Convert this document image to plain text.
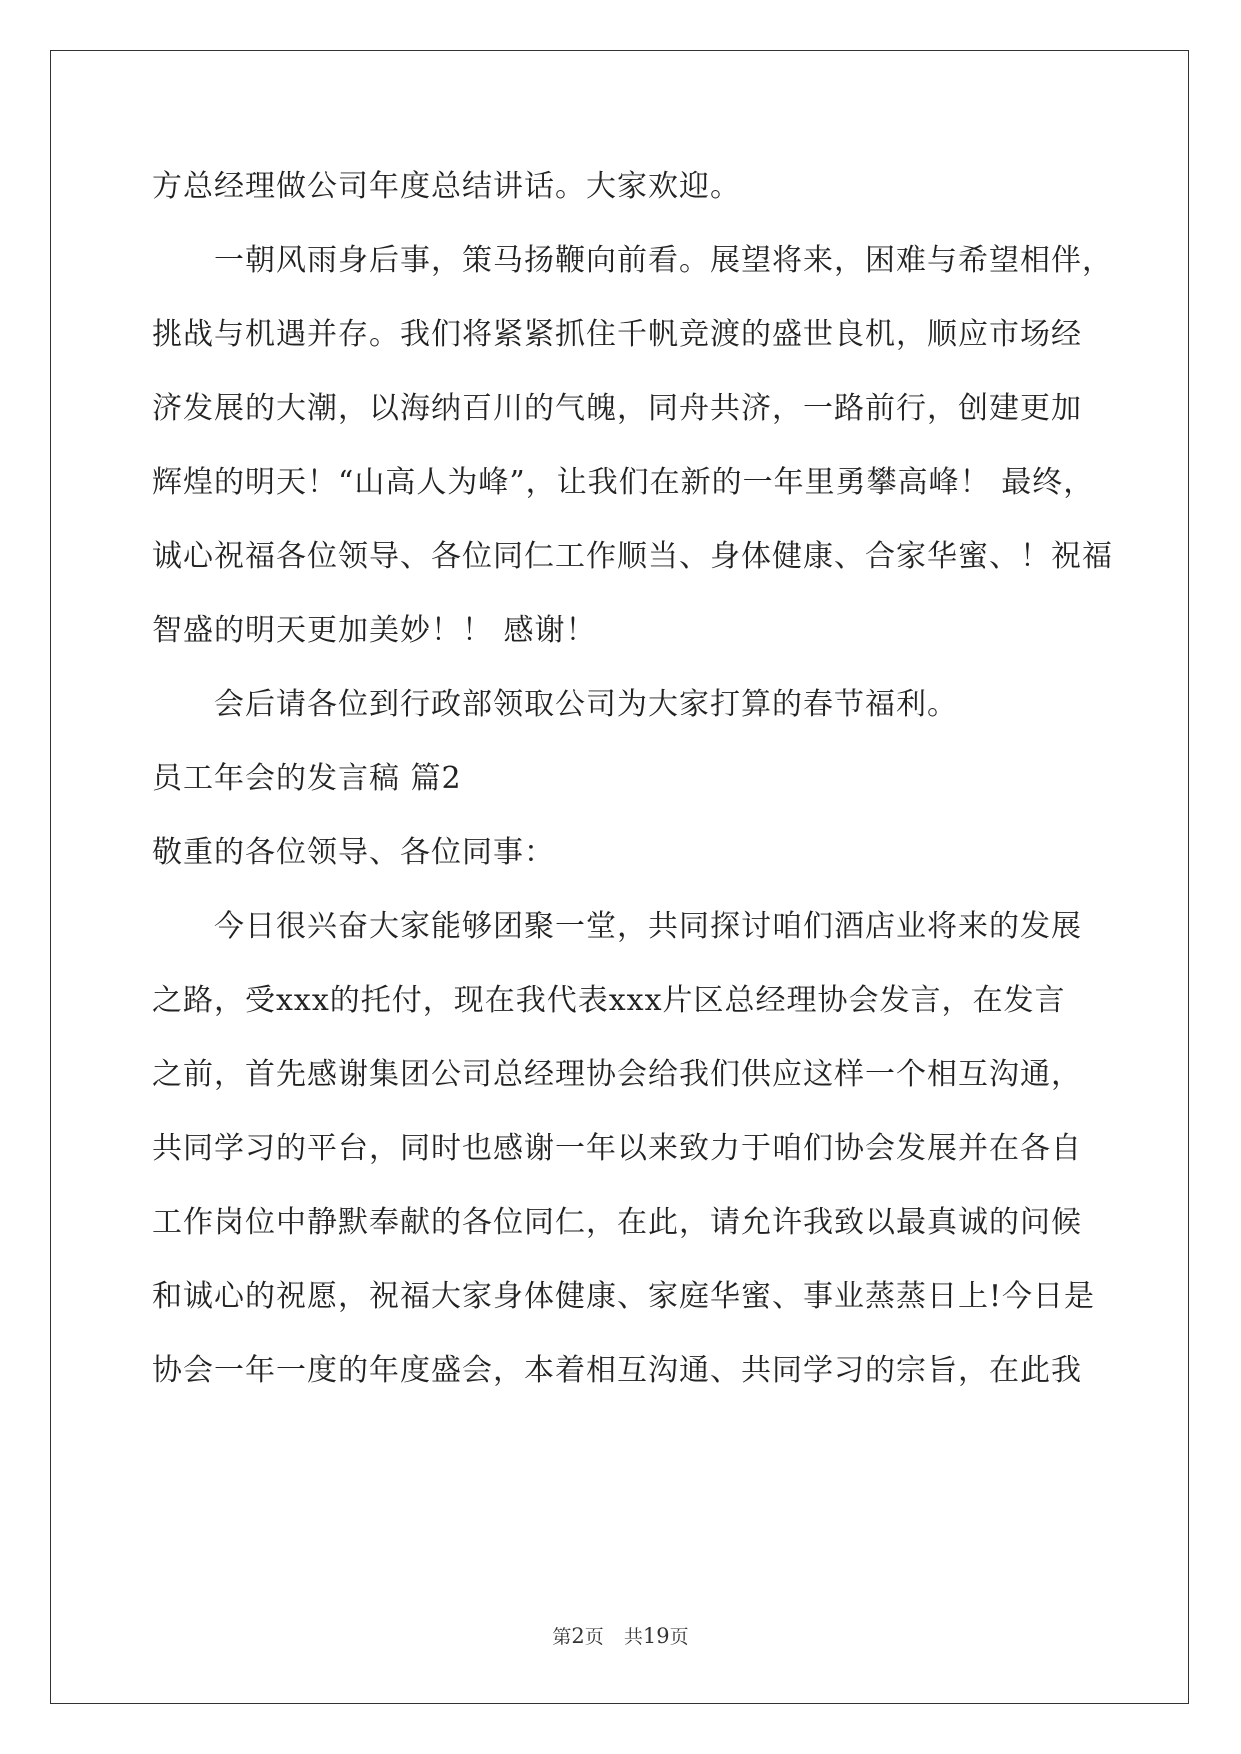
方总经理做公司年度总结讲话。大家欢迎。
一朝风雨身后事，策马扬鞭向前看。展望将来，困难与希望相伴，
挑战与机遇并存。我们将紧紧抓住千帆竞渡的盛世良机，顺应市场经
济发展的大潮，以海纳百川的气魄，同舟共济，一路前行，创建更加
辉煌的明天！“山高人为峰”，让我们在新的一年里勇攀高峰！ 最终，
诚心祝福各位领导、各位同仁工作顺当、身体健康、合家华蜜、！祝福
智盛的明天更加美妙！！ 感谢！
会后请各位到行政部领取公司为大家打算的春节福利。
员工年会的发言稿 篇2
敬重的各位领导、各位同事：
今日很兴奋大家能够团聚一堂，共同探讨咱们酒店业将来的发展
之路，受xxx的托付，现在我代表xxx片区总经理协会发言，在发言
之前，首先感谢集团公司总经理协会给我们供应这样一个相互沟通，
共同学习的平台，同时也感谢一年以来致力于咱们协会发展并在各自
工作岗位中静默奉献的各位同仁，在此，请允许我致以最真诚的问候
和诚心的祝愿，祝福大家身体健康、家庭华蜜、事业蒸蒸日上!今日是
协会一年一度的年度盛会，本着相互沟通、共同学习的宗旨，在此我
第2页 共19页
